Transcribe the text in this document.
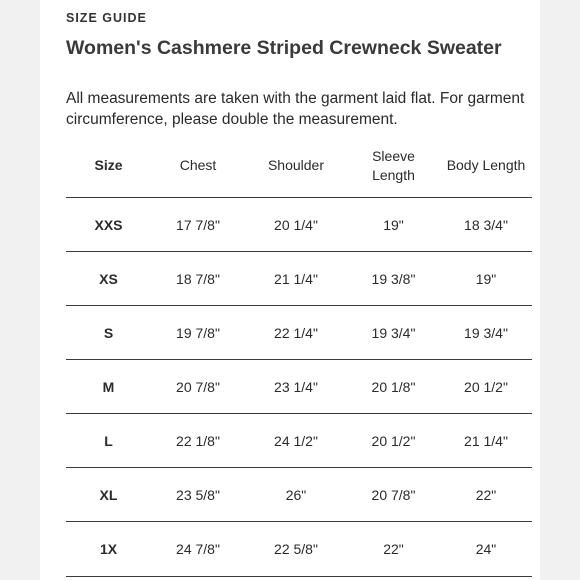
SIZE GUIDE
Women's Cashmere Striped Crewneck Sweater
All measurements are taken with the garment laid flat. For garment circumference, please double the measurement.
Size	Chest	Shoulder	Sleeve Length	Body Length
XXS	17 7/8"	20 1/4"	19"	18 3/4"
XS	18 7/8"	21 1/4"	19 3/8"	19"
S	19 7/8"	22 1/4"	19 3/4"	19 3/4"
M	20 7/8"	23 1/4"	20 1/8"	20 1/2"
L	22 1/8"	24 1/2"	20 1/2"	21 1/4"
XL	23 5/8"	26"	20 7/8"	22"
1X	24 7/8"	22 5/8"	22"	24"
